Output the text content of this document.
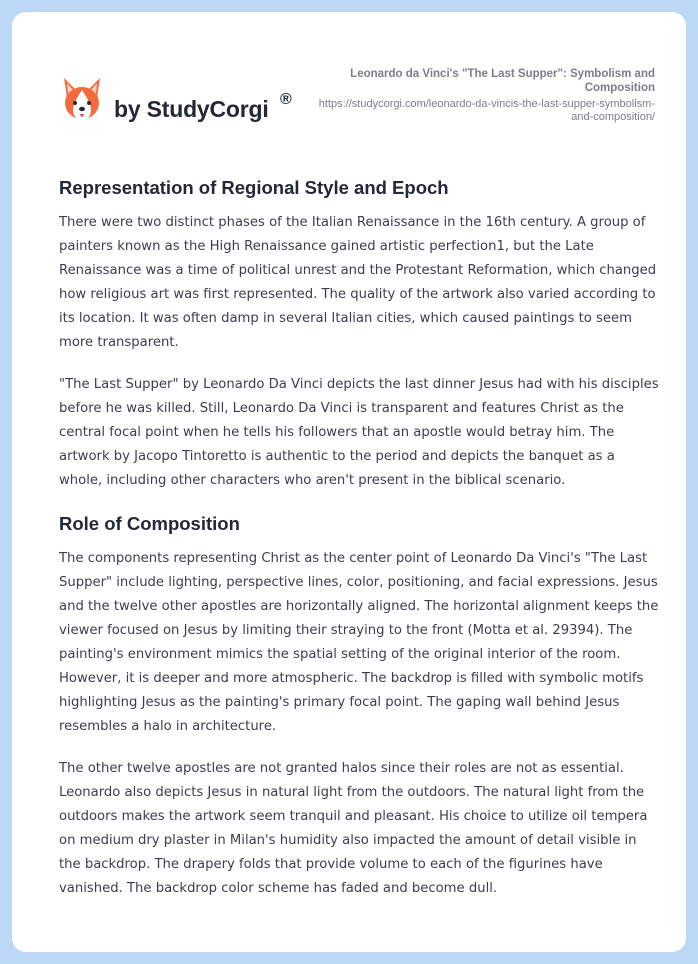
by StudyCorgi ®
Leonardo da Vinci's "The Last Supper": Symbolism and Composition
https://studycorgi.com/leonardo-da-vincis-the-last-supper-symbolism-and-composition/
Representation of Regional Style and Epoch

There were two distinct phases of the Italian Renaissance in the 16th century. A group of painters known as the High Renaissance gained artistic perfection1, but the Late Renaissance was a time of political unrest and the Protestant Reformation, which changed how religious art was first represented. The quality of the artwork also varied according to its location. It was often damp in several Italian cities, which caused paintings to seem more transparent.

"The Last Supper" by Leonardo Da Vinci depicts the last dinner Jesus had with his disciples before he was killed. Still, Leonardo Da Vinci is transparent and features Christ as the central focal point when he tells his followers that an apostle would betray him. The artwork by Jacopo Tintoretto is authentic to the period and depicts the banquet as a whole, including other characters who aren't present in the biblical scenario.

Role of Composition

The components representing Christ as the center point of Leonardo Da Vinci's "The Last Supper" include lighting, perspective lines, color, positioning, and facial expressions. Jesus and the twelve other apostles are horizontally aligned. The horizontal alignment keeps the viewer focused on Jesus by limiting their straying to the front (Motta et al. 29394). The painting's environment mimics the spatial setting of the original interior of the room. However, it is deeper and more atmospheric. The backdrop is filled with symbolic motifs highlighting Jesus as the painting's primary focal point. The gaping wall behind Jesus resembles a halo in architecture.

The other twelve apostles are not granted halos since their roles are not as essential. Leonardo also depicts Jesus in natural light from the outdoors. The natural light from the outdoors makes the artwork seem tranquil and pleasant. His choice to utilize oil tempera on medium dry plaster in Milan's humidity also impacted the amount of detail visible in the backdrop. The drapery folds that provide volume to each of the figurines have vanished. The backdrop color scheme has faded and become dull.
